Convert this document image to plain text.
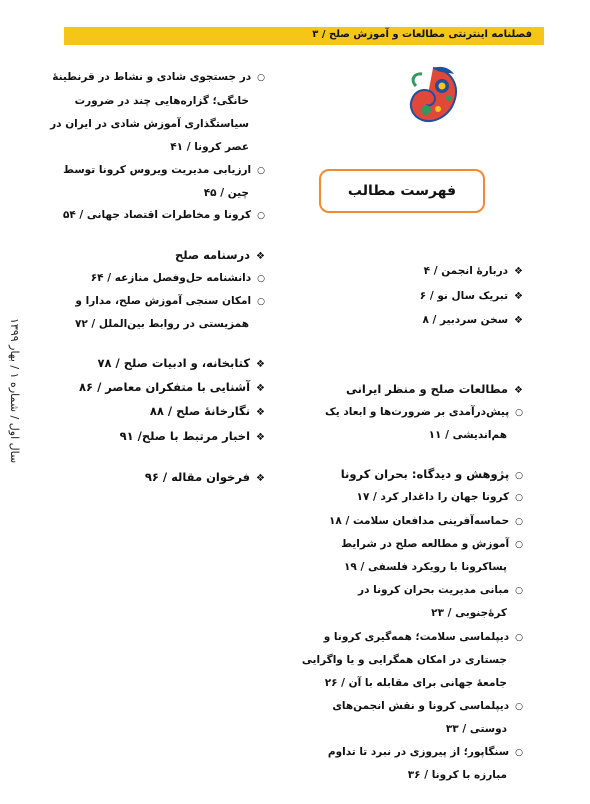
فصلنامه اینترنتی مطالعات و آموزش صلح / ۳
سال اول / شماره ۱ / بهار ۱۳۹۹
فهرست مطالب
❖ دربارهٔ انجمن / ۴
❖ تبریک سال نو / ۶
❖ سخن سردبیر / ۸
❖ مطالعات صلح و منظر ایرانی
○ پیش‌درآمدی بر ضرورت‌ها و ابعاد یک
هم‌اندیشی / ۱۱
○ پژوهش و دیدگاه: بحران کرونا
○ کرونا جهان را داغدار کرد / ۱۷
○ حماسه‌آفرینی مدافعان سلامت / ۱۸
○ آموزش و مطالعه صلح در شرایط
پساکرونا با رویکرد فلسفی / ۱۹
○ مبانی مدیریت بحران کرونا در
کرهٔ‌جنوبی / ۲۳
○ دیپلماسی سلامت؛ همه‌گیری کرونا و
جستاری در امکان همگرایی و یا واگرایی
جامعهٔ جهانی برای مقابله با آن / ۲۶
○ دیپلماسی کرونا و نقش انجمن‌های
دوستی / ۳۳
○ سنگاپور؛ از پیروزی در نبرد تا تداوم
مبارزه با کرونا / ۳۶
○ در جستجوی شادی و نشاط در قرنطینهٔ
خانگی؛ گزاره‌هایی چند در ضرورت
سیاستگذاری آموزش شادی در ایران در
عصر کرونا / ۴۱
○ ارزیابی مدیریت ویروس کرونا توسط
چین / ۴۵
○ کرونا و مخاطرات اقتصاد جهانی / ۵۴
❖ درسنامه صلح
○ دانشنامه حل‌وفصل منازعه / ۶۴
○ امکان سنجی آموزش صلح، مدارا و
همزیستی در روابط بین‌الملل / ۷۲
❖ کتابخانه، و ادبیات صلح / ۷۸
❖ آشنایی با متفکران معاصر / ۸۶
❖ نگارخانهٔ صلح / ۸۸
❖ اخبار مرتبط با صلح/ ۹۱
❖ فرخوان مقاله / ۹۶
